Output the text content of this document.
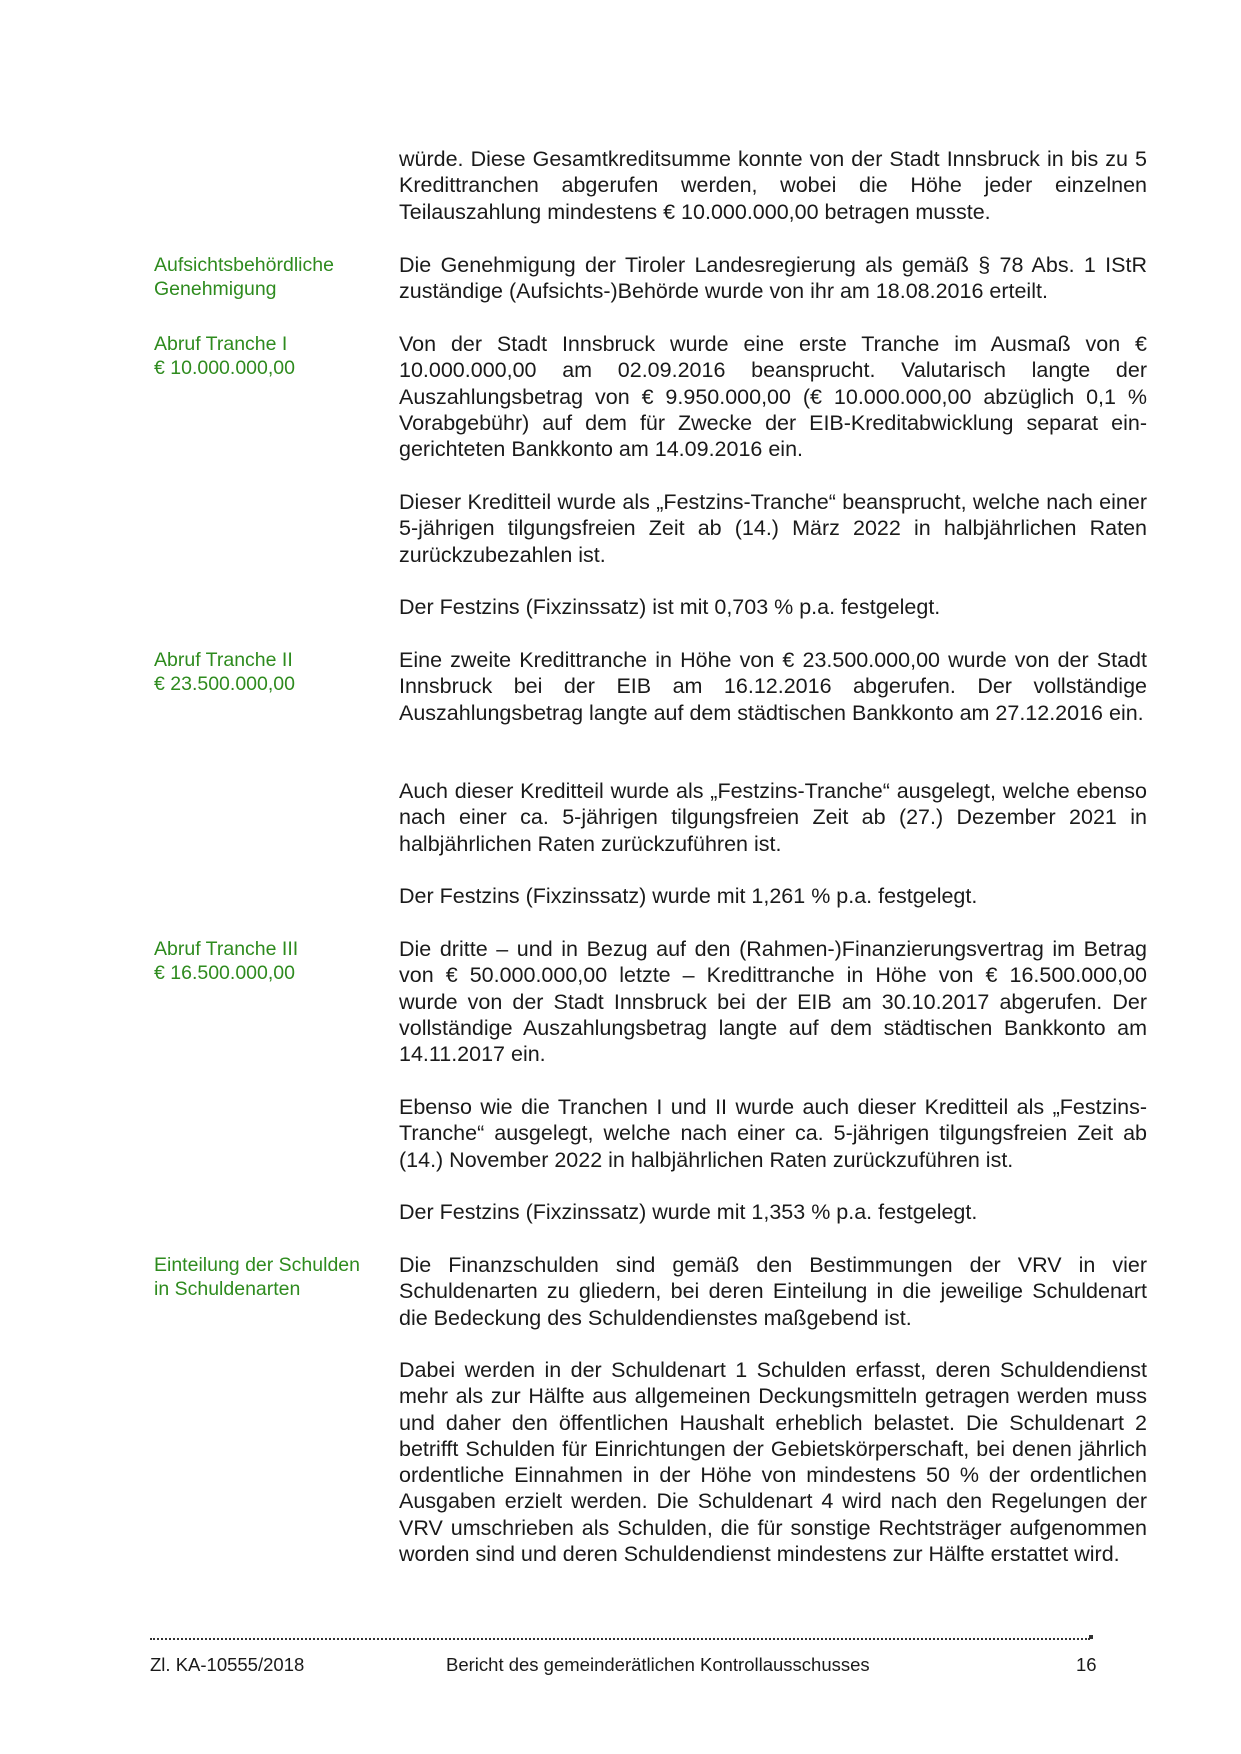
würde. Diese Gesamtkreditsumme konnte von der Stadt Innsbruck in bis zu 5 Kredittranchen abgerufen werden, wobei die Höhe jeder einzelnen Teilauszahlung mindestens € 10.000.000,00 betragen musste.
Aufsichtsbehördliche
Genehmigung
Die Genehmigung der Tiroler Landesregierung als gemäß § 78 Abs. 1 IStR zuständige (Aufsichts-)Behörde wurde von ihr am 18.08.2016 erteilt.
Abruf Tranche I
€ 10.000.000,00
Von der Stadt Innsbruck wurde eine erste Tranche im Ausmaß von € 10.000.000,00 am 02.09.2016 beansprucht. Valutarisch langte der Auszahlungsbetrag von € 9.950.000,00 (€ 10.000.000,00 abzüglich 0,1 % Vorabgebühr) auf dem für Zwecke der EIB-Kreditabwicklung separat eingerichteten Bankkonto am 14.09.2016 ein.
Dieser Kreditteil wurde als „Festzins-Tranche“ beansprucht, welche nach einer 5-jährigen tilgungsfreien Zeit ab (14.) März 2022 in halbjährlichen Raten zurückzubezahlen ist.
Der Festzins (Fixzinssatz) ist mit 0,703 % p.a. festgelegt.
Abruf Tranche II
€ 23.500.000,00
Eine zweite Kredittranche in Höhe von € 23.500.000,00 wurde von der Stadt Innsbruck bei der EIB am 16.12.2016 abgerufen. Der vollständige Auszahlungsbetrag langte auf dem städtischen Bankkonto am 27.12.2016 ein.
Auch dieser Kreditteil wurde als „Festzins-Tranche“ ausgelegt, welche ebenso nach einer ca. 5-jährigen tilgungsfreien Zeit ab (27.) Dezember 2021 in halbjährlichen Raten zurückzuführen ist.
Der Festzins (Fixzinssatz) wurde mit 1,261 % p.a. festgelegt.
Abruf Tranche III
€ 16.500.000,00
Die dritte – und in Bezug auf den (Rahmen-)Finanzierungsvertrag im Betrag von € 50.000.000,00 letzte – Kredittranche in Höhe von € 16.500.000,00 wurde von der Stadt Innsbruck bei der EIB am 30.10.2017 abgerufen. Der vollständige Auszahlungsbetrag langte auf dem städtischen Bankkonto am 14.11.2017 ein.
Ebenso wie die Tranchen I und II wurde auch dieser Kreditteil als „Festzins-Tranche“ ausgelegt, welche nach einer ca. 5-jährigen tilgungsfreien Zeit ab (14.) November 2022 in halbjährlichen Raten zurückzuführen ist.
Der Festzins (Fixzinssatz) wurde mit 1,353 % p.a. festgelegt.
Einteilung der Schulden
in Schuldenarten
Die Finanzschulden sind gemäß den Bestimmungen der VRV in vier Schuldenarten zu gliedern, bei deren Einteilung in die jeweilige Schuldenart die Bedeckung des Schuldendienstes maßgebend ist.
Dabei werden in der Schuldenart 1 Schulden erfasst, deren Schuldendienst mehr als zur Hälfte aus allgemeinen Deckungsmitteln getragen werden muss und daher den öffentlichen Haushalt erheblich belastet. Die Schuldenart 2 betrifft Schulden für Einrichtungen der Gebietskörperschaft, bei denen jährlich ordentliche Einnahmen in der Höhe von mindestens 50 % der ordentlichen Ausgaben erzielt werden. Die Schuldenart 4 wird nach den Regelungen der VRV umschrieben als Schulden, die für sonstige Rechtsträger aufgenommen worden sind und deren Schuldendienst mindestens zur Hälfte erstattet wird.
Zl. KA-10555/2018	Bericht des gemeinderätlichen Kontrollausschusses	16
